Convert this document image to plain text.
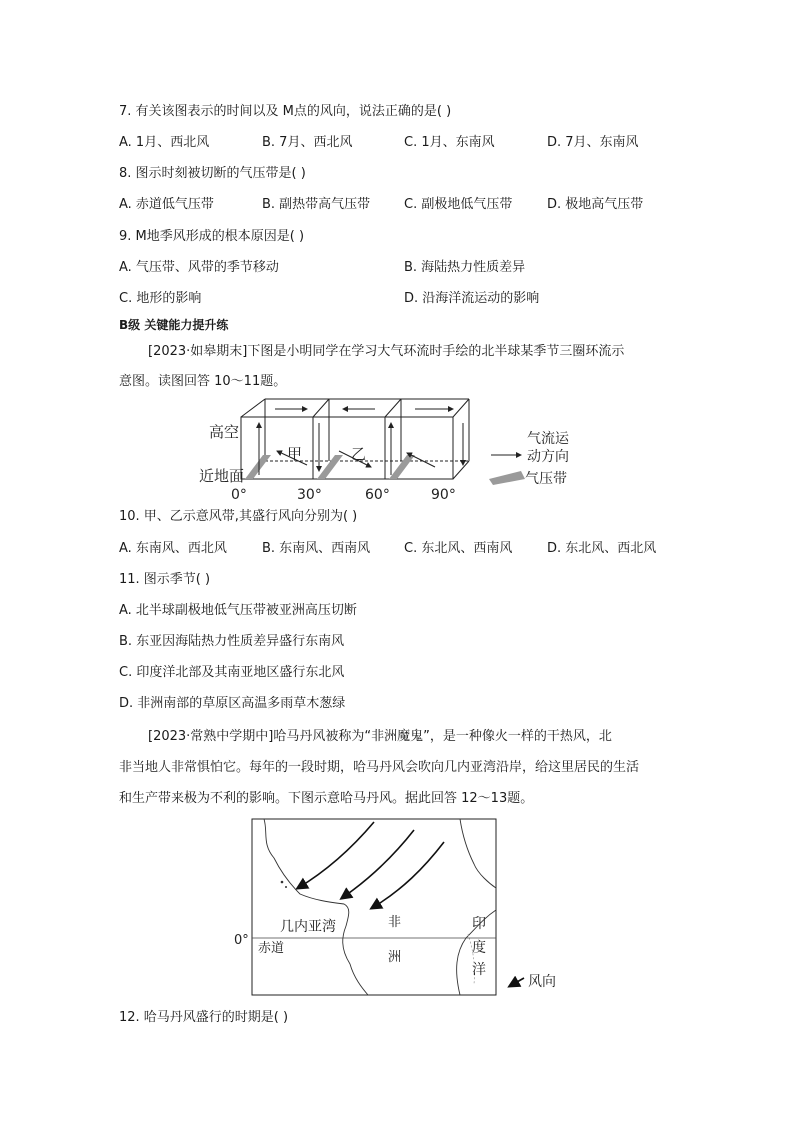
7. 有关该图表示的时间以及 M点的风向，说法正确的是( )
A. 1月、西北风	B. 7月、西北风	C. 1月、东南风	D. 7月、东南风
8. 图示时刻被切断的气压带是( )
A. 赤道低气压带	B. 副热带高气压带	C. 副极地低气压带	D. 极地高气压带
9. M地季风形成的根本原因是( )
A. 气压带、风带的季节移动	B. 海陆热力性质差异
C. 地形的影响	D. 沿海洋流运动的影响
B级 关键能力提升练
[2023·如皋期末]下图是小明同学在学习大气环流时手绘的北半球某季节三圈环流示
意图。读图回答 10～11题。
高空
近地面
甲	乙
0°	30°	60°	90°
气流运
动方向
气压带
10. 甲、乙示意风带,其盛行风向分别为( )
A. 东南风、西北风	B. 东南风、西南风	C. 东北风、西南风	D. 东北风、西北风
11. 图示季节( )
A. 北半球副极地低气压带被亚洲高压切断
B. 东亚因海陆热力性质差异盛行东南风
C. 印度洋北部及其南亚地区盛行东北风
D. 非洲南部的草原区高温多雨草木葱绿
[2023·常熟中学期中]哈马丹风被称为“非洲魔鬼”，是一种像火一样的干热风，北
非当地人非常惧怕它。每年的一段时期，哈马丹风会吹向几内亚湾沿岸，给这里居民的生活
和生产带来极为不利的影响。下图示意哈马丹风。据此回答 12～13题。
几内亚湾	非
洲
赤道
0°
印
度
洋
风向
12. 哈马丹风盛行的时期是( )
